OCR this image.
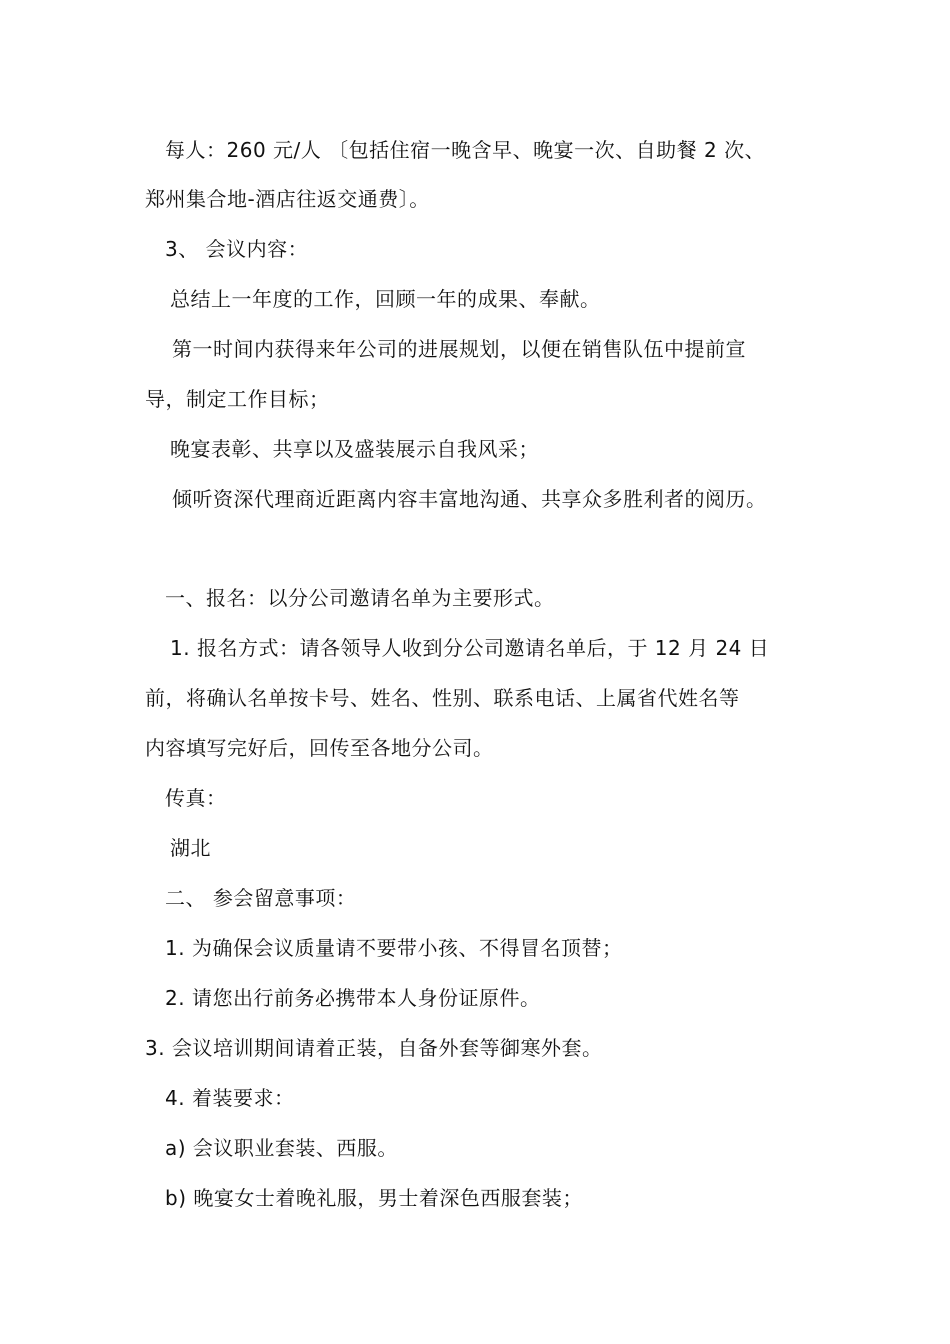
每人：260 元/人 〔包括住宿一晚含早、晚宴一次、自助餐 2 次、
郑州集合地-酒店往返交通费〕。
3、 会议内容：
总结上一年度的工作，回顾一年的成果、奉献。
第一时间内获得来年公司的进展规划，以便在销售队伍中提前宣
导，制定工作目标；
晚宴表彰、共享以及盛装展示自我风采；
倾听资深代理商近距离内容丰富地沟通、共享众多胜利者的阅历。
一、报名：以分公司邀请名单为主要形式。
1. 报名方式：请各领导人收到分公司邀请名单后，于 12 月 24 日
前，将确认名单按卡号、姓名、性别、联系电话、上属省代姓名等
内容填写完好后，回传至各地分公司。
传真：
湖北
二、 参会留意事项：
1. 为确保会议质量请不要带小孩、不得冒名顶替；
2. 请您出行前务必携带本人身份证原件。
3. 会议培训期间请着正装，自备外套等御寒外套。
4. 着装要求：
a) 会议职业套装、西服。
b) 晚宴女士着晚礼服，男士着深色西服套装；
